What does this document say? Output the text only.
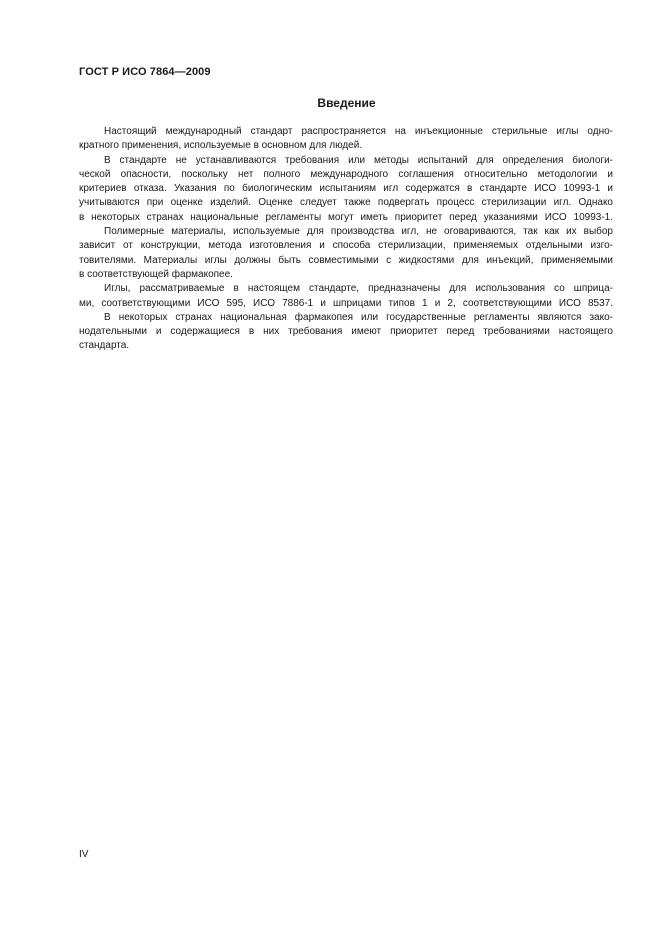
ГОСТ Р ИСО 7864—2009
Введение
Настоящий международный стандарт распространяется на инъекционные стерильные иглы одно-
кратного применения, используемые в основном для людей.
В стандарте не устанавливаются требования или методы испытаний для определения биологи-
ческой опасности, поскольку нет полного международного соглашения относительно методологии и
критериев отказа. Указания по биологическим испытаниям игл содержатся в стандарте ИСО 10993-1 и
учитываются при оценке изделий. Оценке следует также подвергать процесс стерилизации игл. Однако
в некоторых странах национальные регламенты могут иметь приоритет перед указаниями ИСО 10993-1.
Полимерные материалы, используемые для производства игл, не оговариваются, так как их выбор
зависит от конструкции, метода изготовления и способа стерилизации, применяемых отдельными изго-
товителями. Материалы иглы должны быть совместимыми с жидкостями для инъекций, применяемыми
в соответствующей фармакопее.
Иглы, рассматриваемые в настоящем стандарте, предназначены для использования со шприца-
ми, соответствующими ИСО 595, ИСО 7886-1 и шприцами типов 1 и 2, соответствующими ИСО 8537.
В некоторых странах национальная фармакопея или государственные регламенты являются зако-
нодательными и содержащиеся в них требования имеют приоритет перед требованиями настоящего
стандарта.
IV
